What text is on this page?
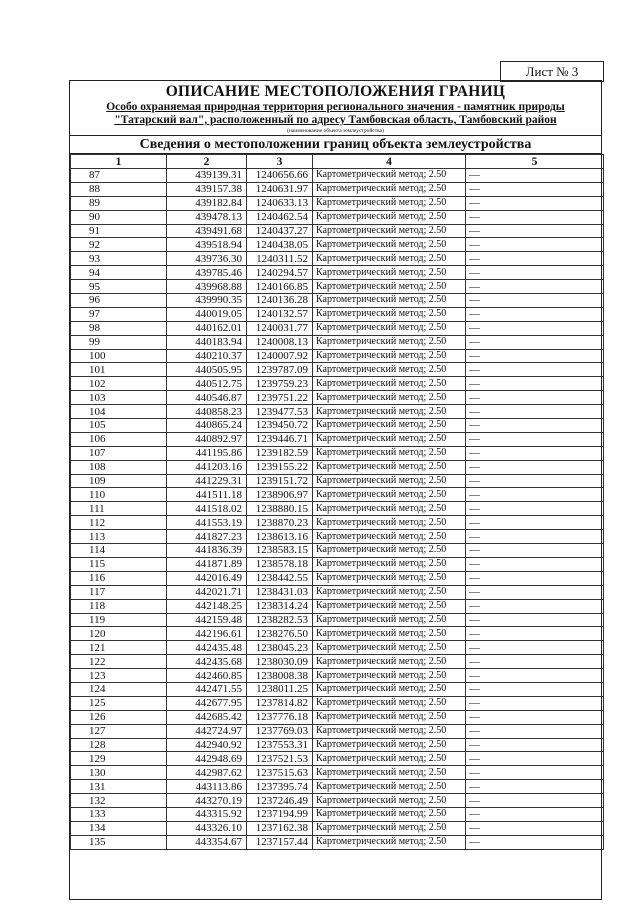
Лист № 3
ОПИСАНИЕ МЕСТОПОЛОЖЕНИЯ ГРАНИЦ
Особо охраняемая природная территория регионального значения - памятник природы
"Татарский вал", расположенный по адресу Тамбовская область, Тамбовский район
(наименование объекта землеустройства)
Сведения о местоположении границ объекта землеустройства
1	2	3	4	5
87	439139.31	1240656.66	Картометрический метод; 2.50	—
88	439157.38	1240631.97	Картометрический метод; 2.50	—
89	439182.84	1240633.13	Картометрический метод; 2.50	—
90	439478.13	1240462.54	Картометрический метод; 2.50	—
91	439491.68	1240437.27	Картометрический метод; 2.50	—
92	439518.94	1240438.05	Картометрический метод; 2.50	—
93	439736.30	1240311.52	Картометрический метод; 2.50	—
94	439785.46	1240294.57	Картометрический метод; 2.50	—
95	439968.88	1240166.85	Картометрический метод; 2.50	—
96	439990.35	1240136.28	Картометрический метод; 2.50	—
97	440019.05	1240132.57	Картометрический метод; 2.50	—
98	440162.01	1240031.77	Картометрический метод; 2.50	—
99	440183.94	1240008.13	Картометрический метод; 2.50	—
100	440210.37	1240007.92	Картометрический метод; 2.50	—
101	440505.95	1239787.09	Картометрический метод; 2.50	—
102	440512.75	1239759.23	Картометрический метод; 2.50	—
103	440546.87	1239751.22	Картометрический метод; 2.50	—
104	440858.23	1239477.53	Картометрический метод; 2.50	—
105	440865.24	1239450.72	Картометрический метод; 2.50	—
106	440892.97	1239446.71	Картометрический метод; 2.50	—
107	441195.86	1239182.59	Картометрический метод; 2.50	—
108	441203.16	1239155.22	Картометрический метод; 2.50	—
109	441229.31	1239151.72	Картометрический метод; 2.50	—
110	441511.18	1238906.97	Картометрический метод; 2.50	—
111	441518.02	1238880.15	Картометрический метод; 2.50	—
112	441553.19	1238870.23	Картометрический метод; 2.50	—
113	441827.23	1238613.16	Картометрический метод; 2.50	—
114	441836.39	1238583.15	Картометрический метод; 2.50	—
115	441871.89	1238578.18	Картометрический метод; 2.50	—
116	442016.49	1238442.55	Картометрический метод; 2.50	—
117	442021.71	1238431.03	Картометрический метод; 2.50	—
118	442148.25	1238314.24	Картометрический метод; 2.50	—
119	442159.48	1238282.53	Картометрический метод; 2.50	—
120	442196.61	1238276.50	Картометрический метод; 2.50	—
121	442435.48	1238045.23	Картометрический метод; 2.50	—
122	442435.68	1238030.09	Картометрический метод; 2.50	—
123	442460.85	1238008.38	Картометрический метод; 2.50	—
124	442471.55	1238011.25	Картометрический метод; 2.50	—
125	442677.95	1237814.82	Картометрический метод; 2.50	—
126	442685.42	1237776.18	Картометрический метод; 2.50	—
127	442724.97	1237769.03	Картометрический метод; 2.50	—
128	442940.92	1237553.31	Картометрический метод; 2.50	—
129	442948.69	1237521.53	Картометрический метод; 2.50	—
130	442987.62	1237515.63	Картометрический метод; 2.50	—
131	443113.86	1237395.74	Картометрический метод; 2.50	—
132	443270.19	1237246.49	Картометрический метод; 2.50	—
133	443315.92	1237194.99	Картометрический метод; 2.50	—
134	443326.10	1237162.38	Картометрический метод; 2.50	—
135	443354.67	1237157.44	Картометрический метод; 2.50	—
